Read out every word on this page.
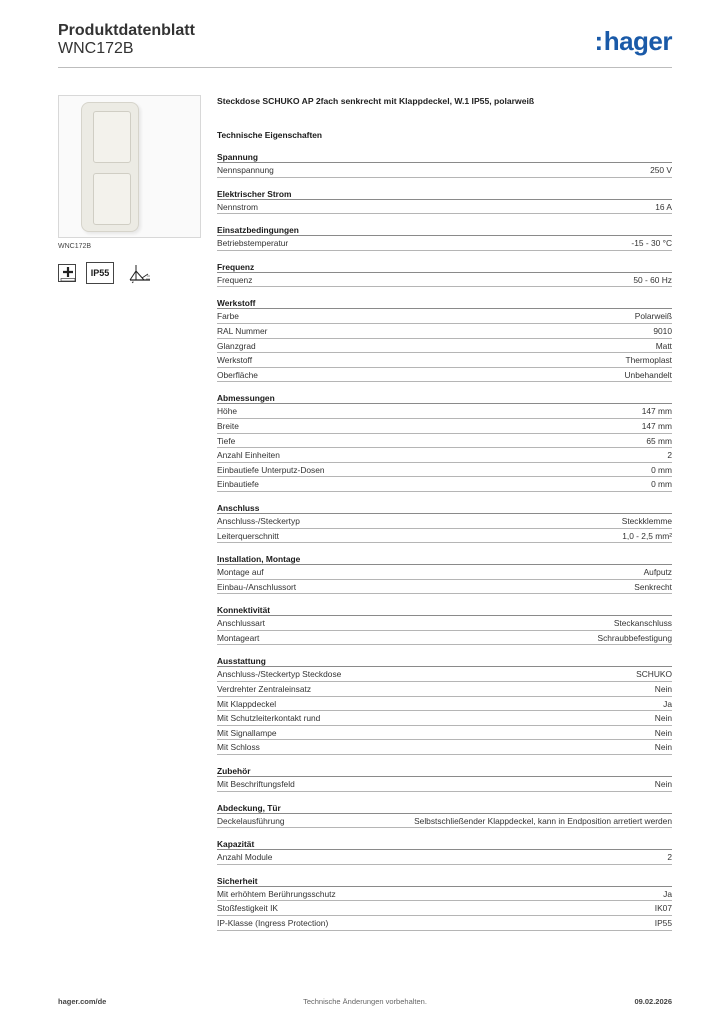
Produktdatenblatt
WNC172B	:hager
WNC172B
IP55
Steckdose SCHUKO AP 2fach senkrecht mit Klappdeckel, W.1 IP55, polarweiß
Technische Eigenschaften
Spannung
Nennspannung	250 V
Elektrischer Strom
Nennstrom	16 A
Einsatzbedingungen
Betriebstemperatur	-15 - 30 °C
Frequenz
Frequenz	50 - 60 Hz
Werkstoff
Farbe	Polarweiß
RAL Nummer	9010
Glanzgrad	Matt
Werkstoff	Thermoplast
Oberfläche	Unbehandelt
Abmessungen
Höhe	147 mm
Breite	147 mm
Tiefe	65 mm
Anzahl Einheiten	2
Einbautiefe Unterputz-Dosen	0 mm
Einbautiefe	0 mm
Anschluss
Anschluss-/Steckertyp	Steckklemme
Leiterquerschnitt	1,0 - 2,5 mm²
Installation, Montage
Montage auf	Aufputz
Einbau-/Anschlussort	Senkrecht
Konnektivität
Anschlussart	Steckanschluss
Montageart	Schraubbefestigung
Ausstattung
Anschluss-/Steckertyp Steckdose	SCHUKO
Verdrehter Zentraleinsatz	Nein
Mit Klappdeckel	Ja
Mit Schutzleiterkontakt rund	Nein
Mit Signallampe	Nein
Mit Schloss	Nein
Zubehör
Mit Beschriftungsfeld	Nein
Abdeckung, Tür
Deckelausführung	Selbstschließender Klappdeckel, kann in Endposition arretiert werden
Kapazität
Anzahl Module	2
Sicherheit
Mit erhöhtem Berührungsschutz	Ja
Stoßfestigkeit IK	IK07
IP-Klasse (Ingress Protection)	IP55
hager.com/de	Technische Änderungen vorbehalten.	09.02.2026
